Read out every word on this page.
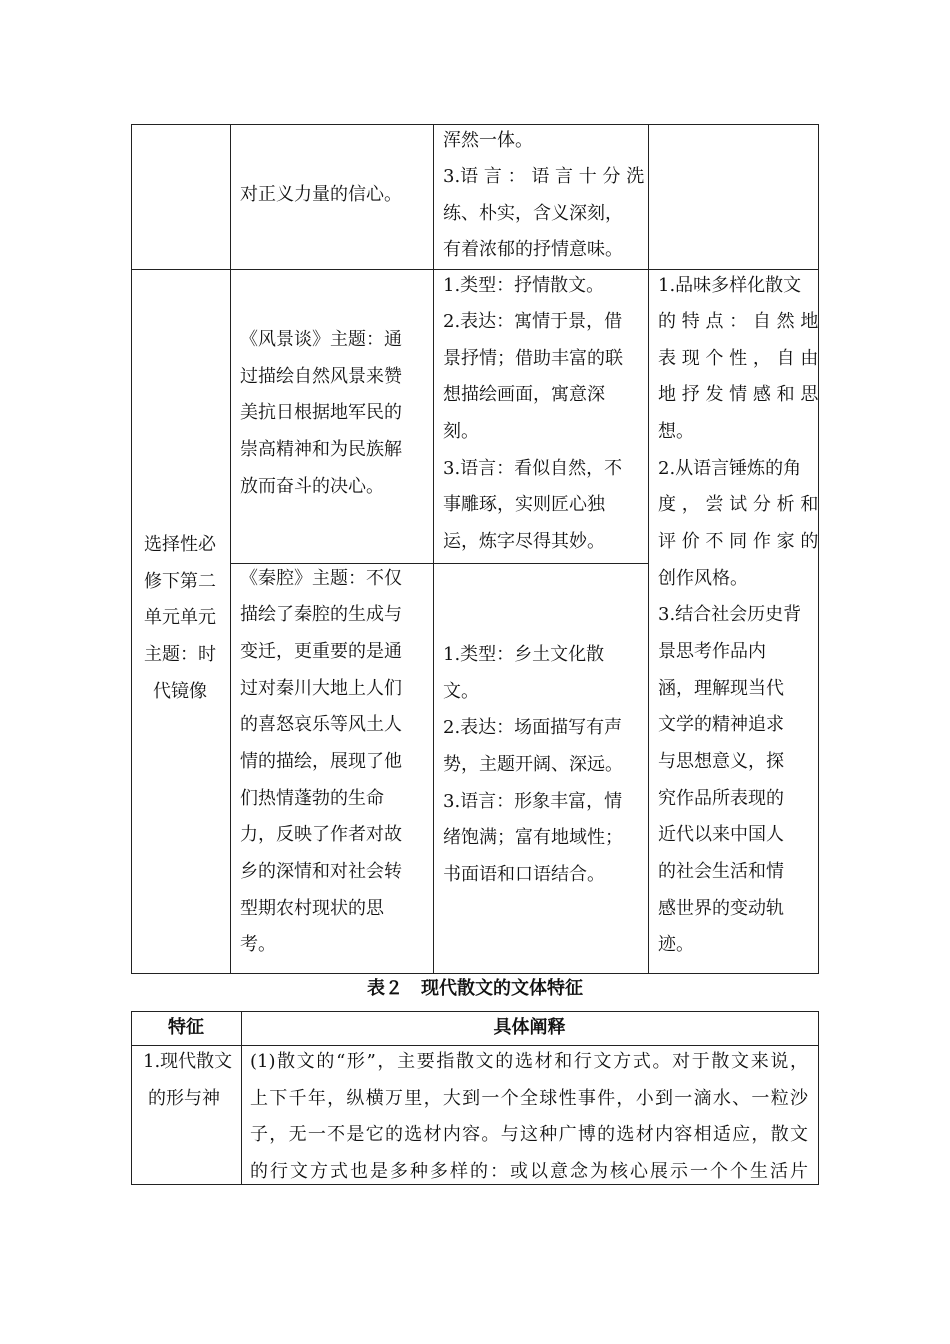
对正义力量的信心。
浑然一体。
3.语 言 ： 语 言 十 分 洗
练、朴实，含义深刻，
有着浓郁的抒情意味。
选择性必
修下第二
单元单元
主题：时
代镜像
《风景谈》主题：通
过描绘自然风景来赞
美抗日根据地军民的
崇高精神和为民族解
放而奋斗的决心。
1.类型：抒情散文。
2.表达：寓情于景，借
景抒情；借助丰富的联
想描绘画面，寓意深
刻。
3.语言：看似自然，不
事雕琢，实则匠心独
运，炼字尽得其妙。
1.品味多样化散文
的 特 点 ： 自 然 地
表 现 个 性 ， 自 由
地 抒 发 情 感 和 思
想。
2.从语言锤炼的角
度 ， 尝 试 分 析 和
评 价 不 同 作 家 的
创作风格。
3.结合社会历史背
景思考作品内
涵，理解现当代
文学的精神追求
与思想意义，探
究作品所表现的
近代以来中国人
的社会生活和情
感世界的变动轨
迹。
《秦腔》主题：不仅
描绘了秦腔的生成与
变迁，更重要的是通
过对秦川大地上人们
的喜怒哀乐等风土人
情的描绘，展现了他
们热情蓬勃的生命
力，反映了作者对故
乡的深情和对社会转
型期农村现状的思
考。
1.类型：乡土文化散
文。
2.表达：场面描写有声
势，主题开阔、深远。
3.语言：形象丰富，情
绪饱满；富有地域性；
书面语和口语结合。
表２　现代散文的文体特征
特征	具体阐释
1.现代散文
的形与神
(1)散文的“形”，主要指散文的选材和行文方式。对于散文来说，
上下千年，纵横万里，大到一个全球性事件，小到一滴水、一粒沙
子，无一不是它的选材内容。与这种广博的选材内容相适应，散文
的行文方式也是多种多样的：或以意念为核心展示一个个生活片
